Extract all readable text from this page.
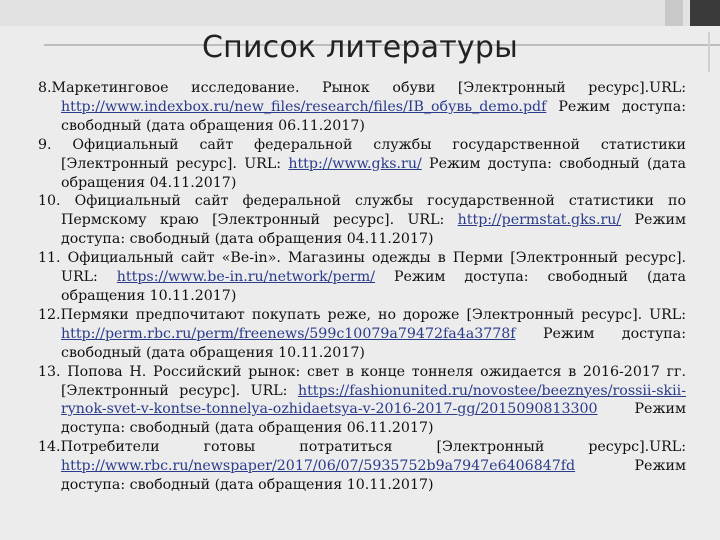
Список литературы

8.Маркетинговое исследование. Рынок обуви [Электронный ресурс].URL: http://www.indexbox.ru/new_files/research/files/IB_обувь_demo.pdf Режим доступа: свободный (дата обращения 06.11.2017)

9. Официальный сайт федеральной службы государственной статистики [Электронный ресурс]. URL: http://www.gks.ru/ Режим доступа: свободный (дата обращения 04.11.2017)

10. Официальный сайт федеральной службы государственной статистики по Пермскому краю [Электронный ресурс]. URL: http://permstat.gks.ru/ Режим доступа: свободный (дата обращения 04.11.2017)

11. Официальный сайт «Be-in». Магазины одежды в Перми [Электронный ресурс]. URL: https://www.be-in.ru/network/perm/ Режим доступа: свободный (дата обращения 10.11.2017)

12.Пермяки предпочитают покупать реже, но дороже [Электронный ресурс]. URL: http://perm.rbc.ru/perm/freenews/599c10079a79472fa4a3778f Режим доступа: свободный (дата обращения 10.11.2017)

13. Попова Н. Российский рынок: свет в конце тоннеля ожидается в 2016-2017 гг. [Электронный ресурс]. URL: https://fashionunited.ru/novostee/beeznyes/rossii-skii-rynok-svet-v-kontse-tonnelya-ozhidaetsya-v-2016-2017-gg/2015090813300 Режим доступа: свободный (дата обращения 06.11.2017)

14.Потребители готовы потратиться [Электронный ресурс].URL: http://www.rbc.ru/newspaper/2017/06/07/5935752b9a7947e6406847fd Режим доступа: свободный (дата обращения 10.11.2017)
